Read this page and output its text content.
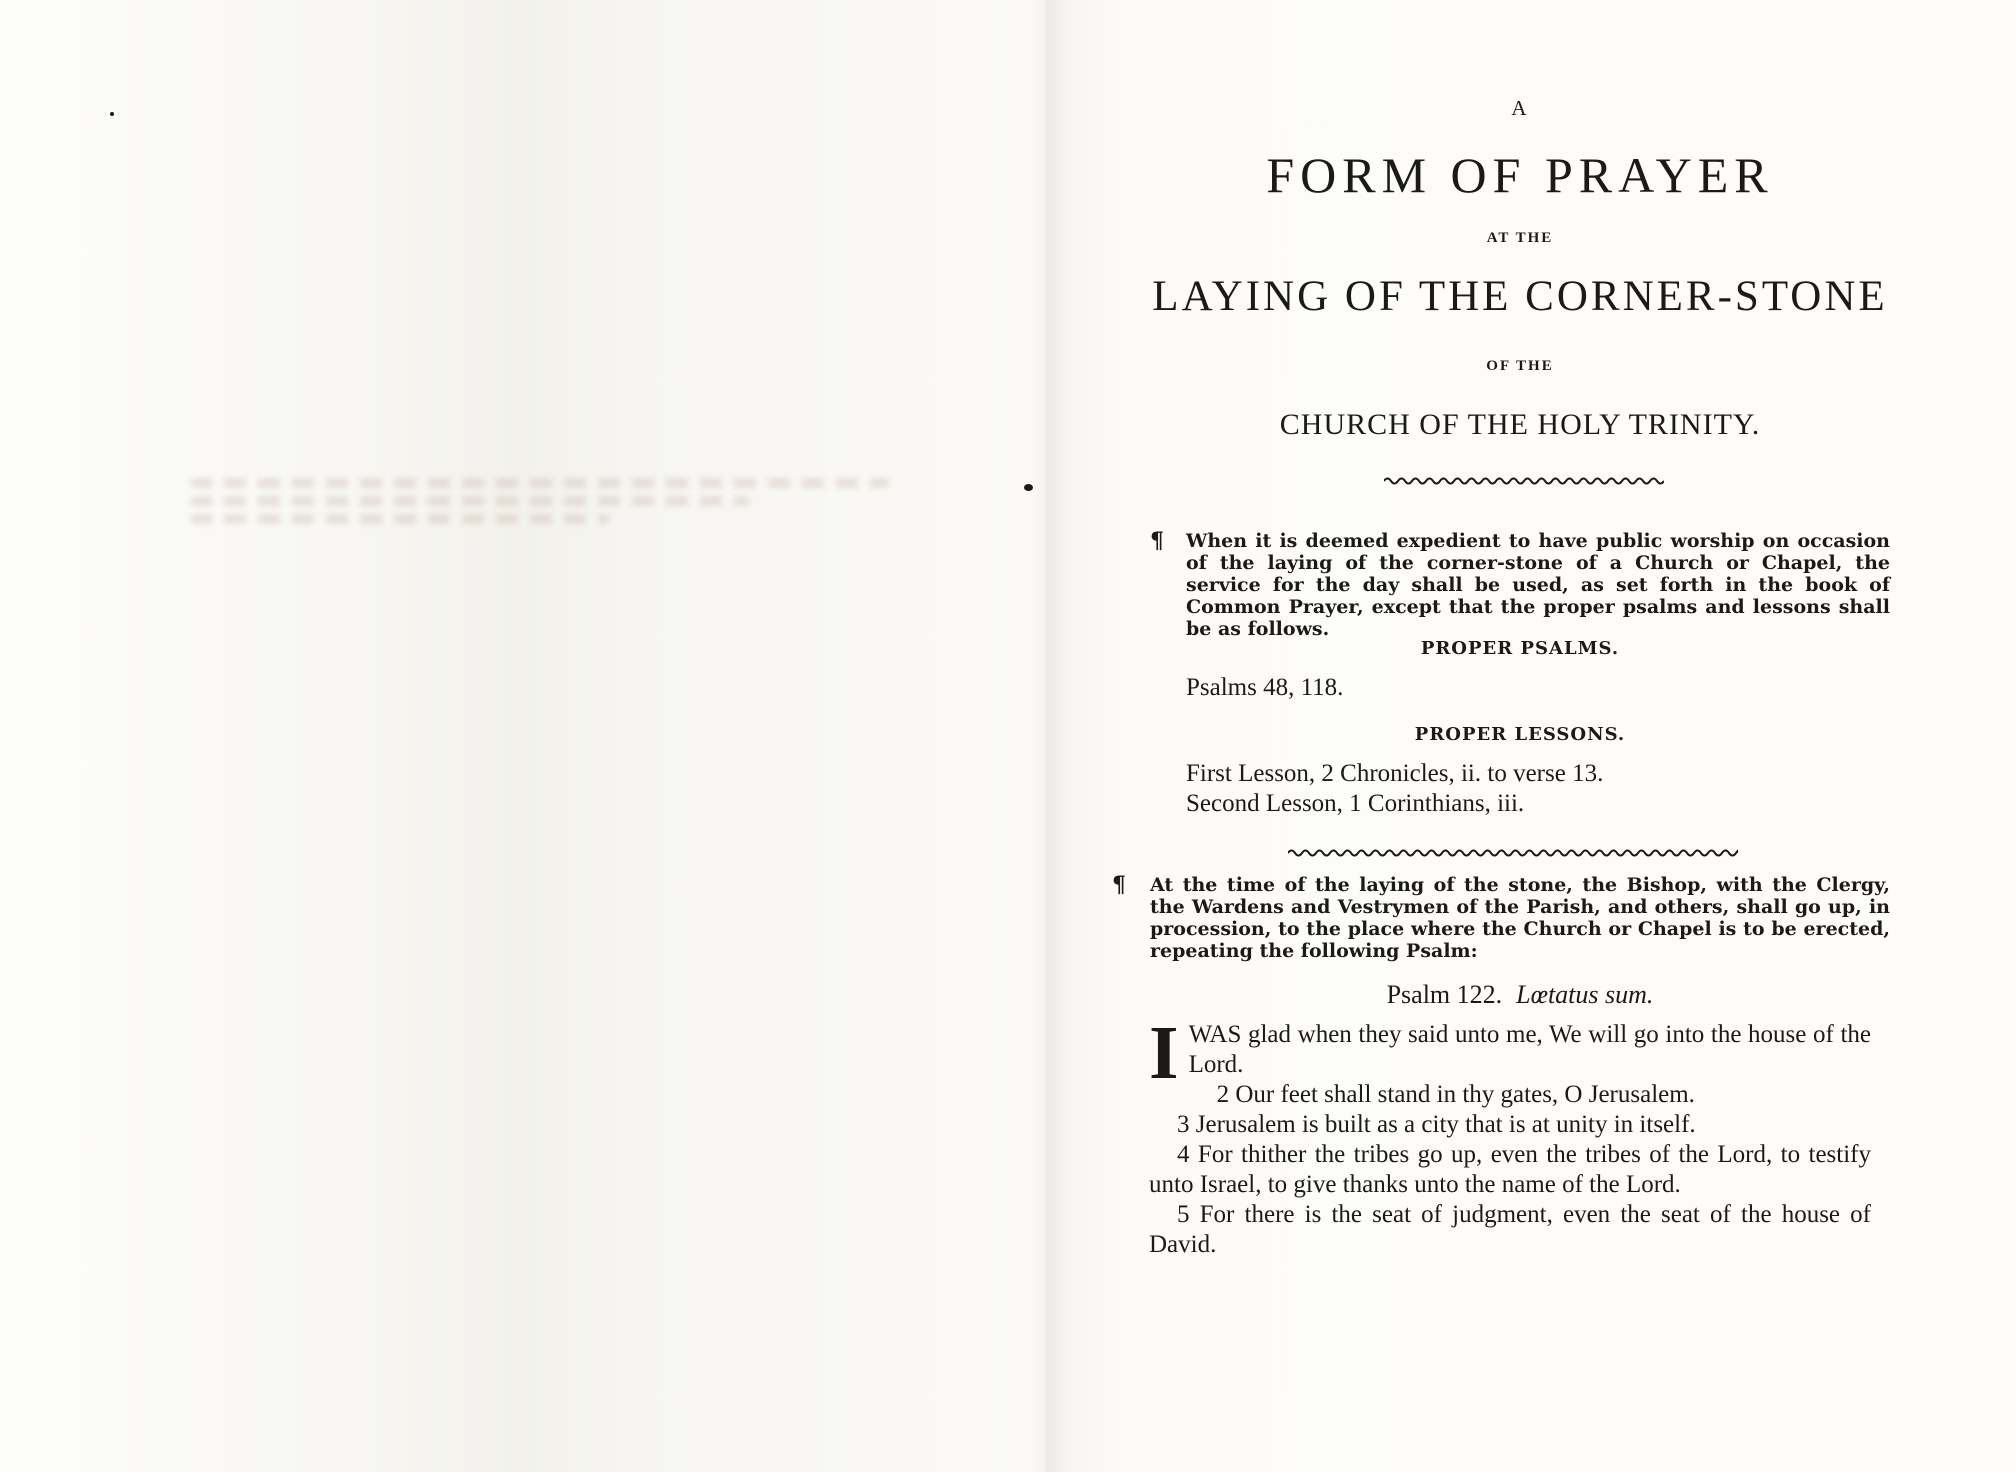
A
FORM OF PRAYER
AT THE
LAYING OF THE CORNER-STONE
OF THE
CHURCH OF THE HOLY TRINITY.
¶ When it is deemed expedient to have public worship on occasion of the laying of the corner-stone of a Church or Chapel, the service for the day shall be used, as set forth in the book of Common Prayer, except that the proper psalms and lessons shall be as follows.
PROPER PSALMS.
Psalms 48, 118.
PROPER LESSONS.
First Lesson, 2 Chronicles, ii. to verse 13.
Second Lesson, 1 Corinthians, iii.
¶ At the time of the laying of the stone, the Bishop, with the Clergy, the Wardens and Vestrymen of the Parish, and others, shall go up, in procession, to the place where the Church or Chapel is to be erected, repeating the following Psalm:
Psalm 122. Lœtatus sum.
I WAS glad when they said unto me, We will go into the house of the Lord.
2 Our feet shall stand in thy gates, O Jerusalem.
3 Jerusalem is built as a city that is at unity in itself.
4 For thither the tribes go up, even the tribes of the Lord, to testify unto Israel, to give thanks unto the name of the Lord.
5 For there is the seat of judgment, even the seat of the house of David.
